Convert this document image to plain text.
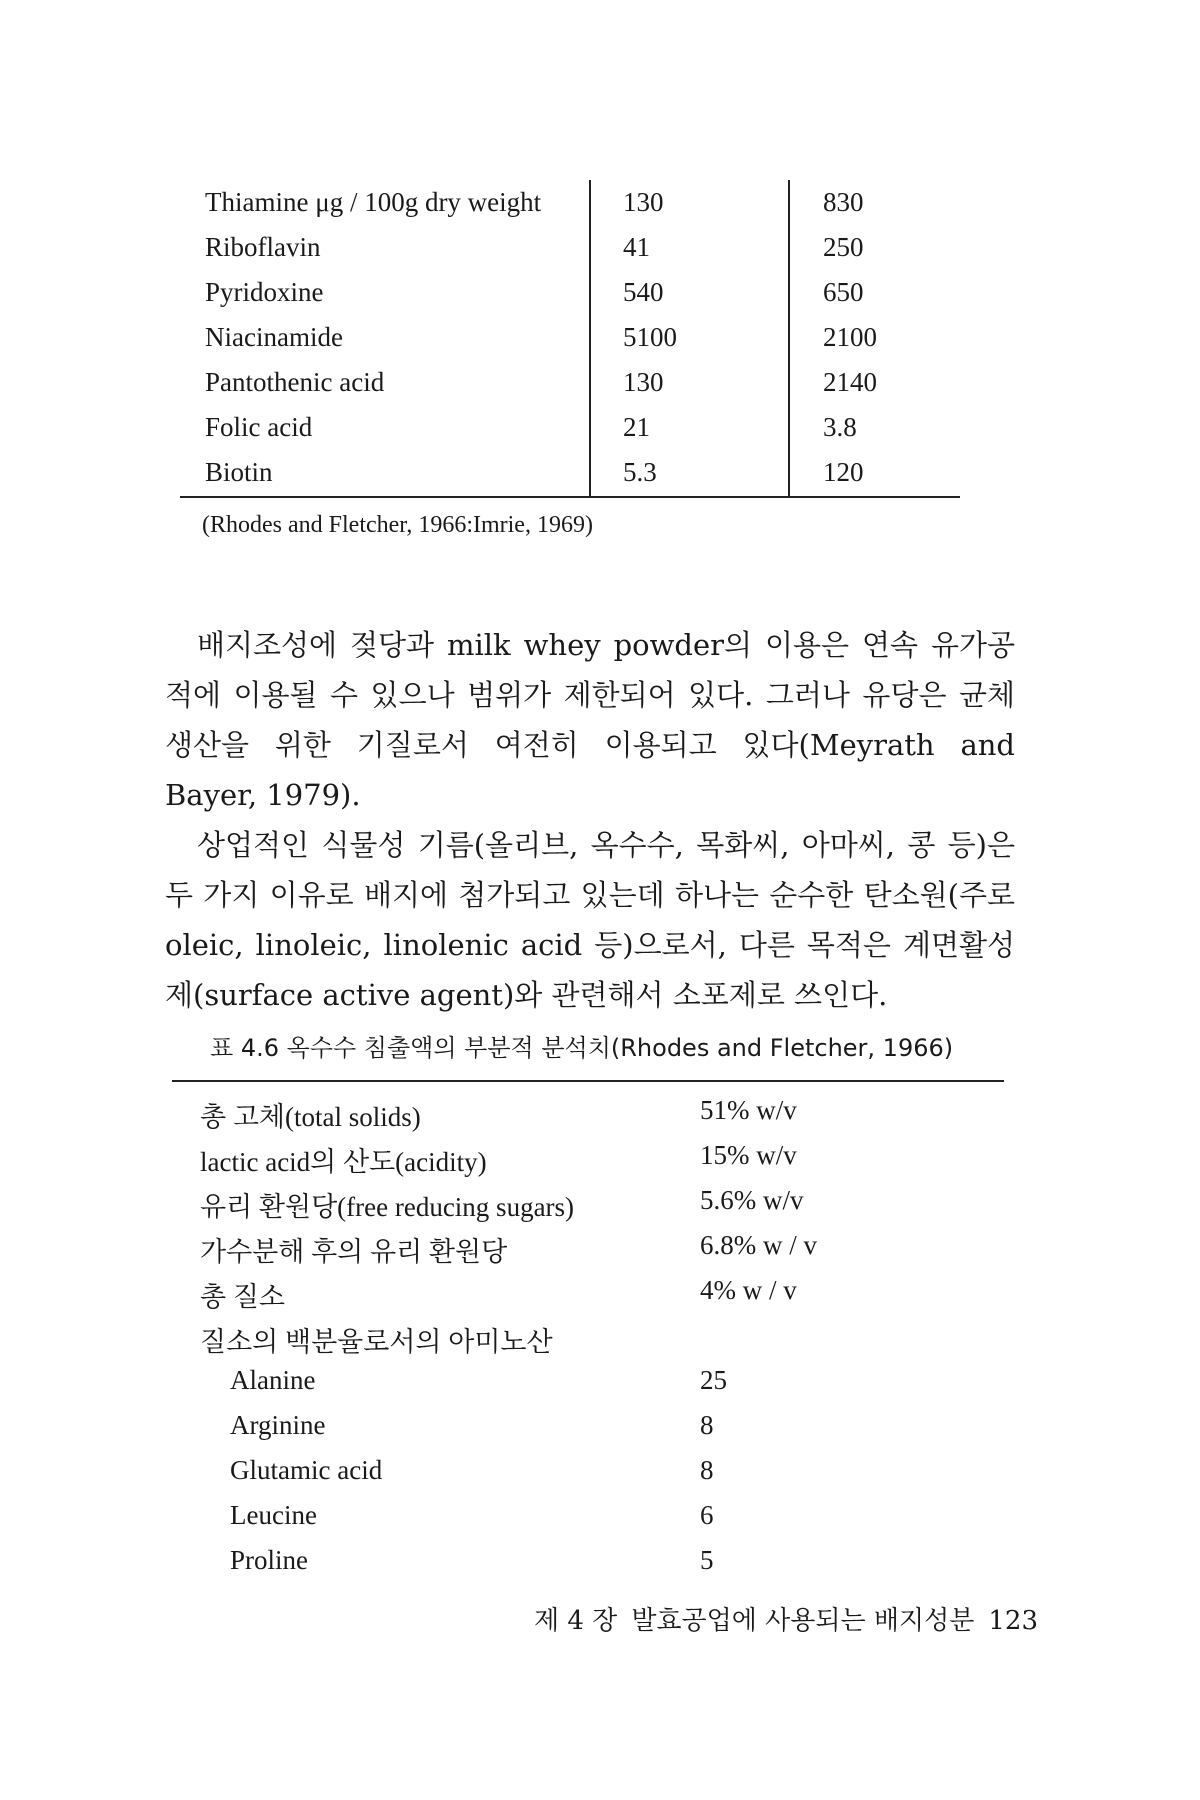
Thiamine μg / 100g dry weight	130	830
Riboflavin	41	250
Pyridoxine	540	650
Niacinamide	5100	2100
Pantothenic acid	130	2140
Folic acid	21	3.8
Biotin	5.3	120
(Rhodes and Fletcher, 1966:Imrie, 1969)

배지조성에 젖당과 milk whey powder의 이용은 연속 유가공적에 이용될 수 있으나 범위가 제한되어 있다. 그러나 유당은 균체 생산을 위한 기질로서 여전히 이용되고 있다(Meyrath and Bayer, 1979).

상업적인 식물성 기름(올리브, 옥수수, 목화씨, 아마씨, 콩 등)은 두 가지 이유로 배지에 첨가되고 있는데 하나는 순수한 탄소원(주로 oleic, linoleic, linolenic acid 등)으로서, 다른 목적은 계면활성제(surface active agent)와 관련해서 소포제로 쓰인다.

표 4.6 옥수수 침출액의 부분적 분석치(Rhodes and Fletcher, 1966)
총 고체(total solids)	51% w/v
lactic acid의 산도(acidity)	15% w/v
유리 환원당(free reducing sugars)	5.6% w/v
가수분해 후의 유리 환원당	6.8% w / v
총 질소	4% w / v
질소의 백분율로서의 아미노산
Alanine	25
Arginine	8
Glutamic acid	8
Leucine	6
Proline	5
제 4 장 발효공업에 사용되는 배지성분 123
